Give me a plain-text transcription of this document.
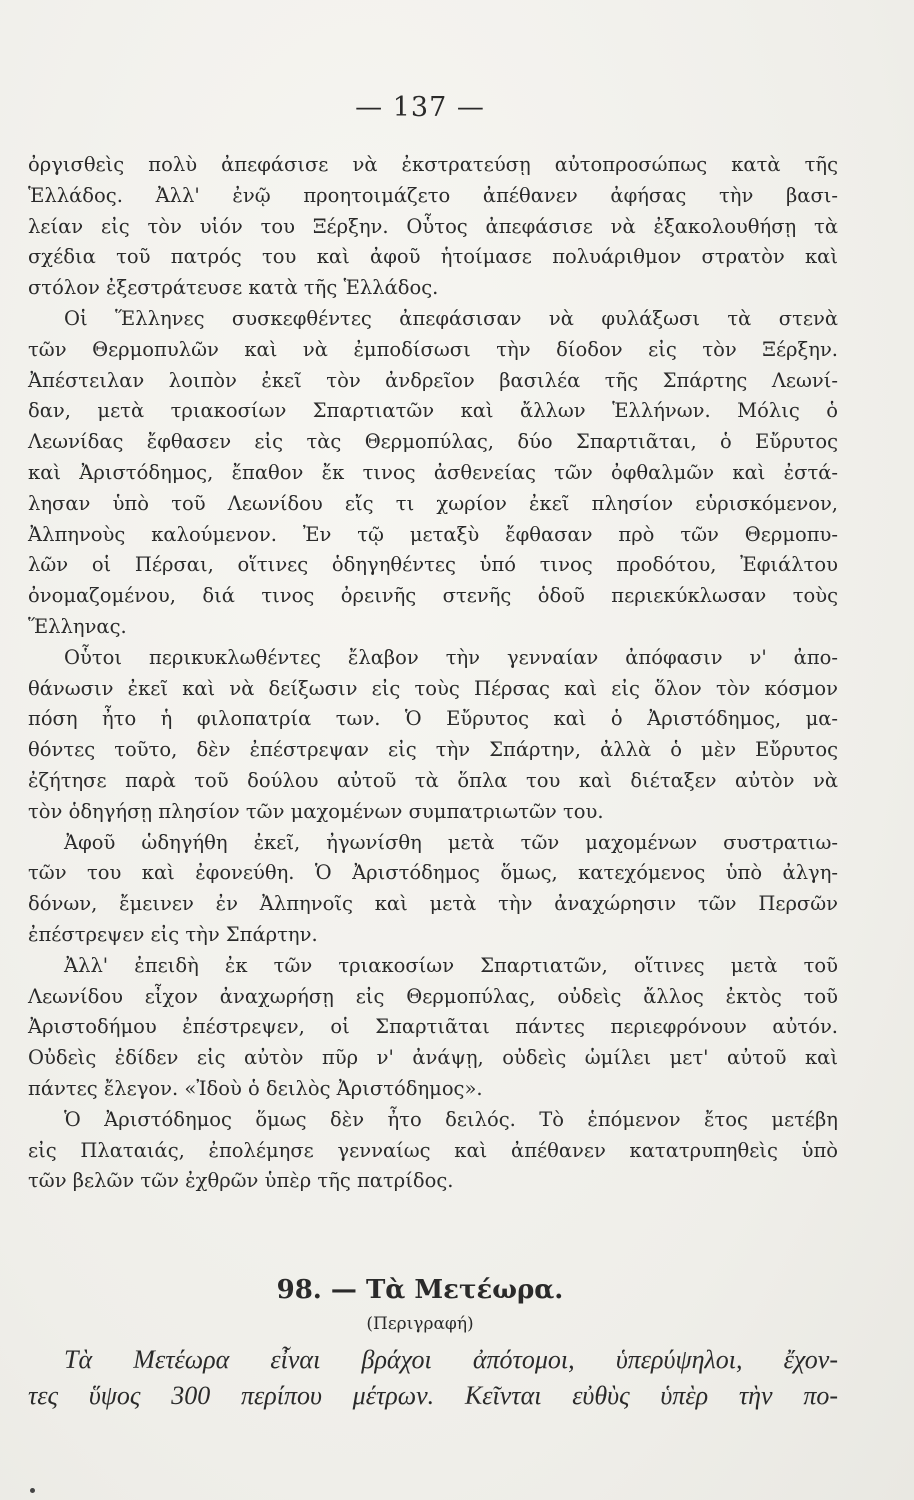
— 137 —
ὀργισθεὶς πολὺ ἀπεφάσισε νὰ ἐκστρατεύσῃ αὐτοπροσώπως κατὰ τῆς
Ἑλλάδος. Ἀλλ' ἐνῷ προητοιμάζετο ἀπέθανεν ἀφήσας τὴν βασι-
λείαν εἰς τὸν υἱόν του Ξέρξην. Οὗτος ἀπεφάσισε νὰ ἐξακολουθήσῃ τὰ
σχέδια τοῦ πατρός του καὶ ἀφοῦ ἡτοίμασε πολυάριθμον στρατὸν καὶ
στόλον ἐξεστράτευσε κατὰ τῆς Ἑλλάδος.
Οἱ Ἕλληνες συσκεφθέντες ἀπεφάσισαν νὰ φυλάξωσι τὰ στενὰ
τῶν Θερμοπυλῶν καὶ νὰ ἐμποδίσωσι τὴν δίοδον εἰς τὸν Ξέρξην.
Ἀπέστειλαν λοιπὸν ἐκεῖ τὸν ἀνδρεῖον βασιλέα τῆς Σπάρτης Λεωνί-
δαν, μετὰ τριακοσίων Σπαρτιατῶν καὶ ἄλλων Ἑλλήνων. Μόλις ὁ
Λεωνίδας ἔφθασεν εἰς τὰς Θερμοπύλας, δύο Σπαρτιᾶται, ὁ Εὔρυτος
καὶ Ἀριστόδημος, ἔπαθον ἔκ τινος ἀσθενείας τῶν ὀφθαλμῶν καὶ ἐστά-
λησαν ὑπὸ τοῦ Λεωνίδου εἴς τι χωρίον ἐκεῖ πλησίον εὑρισκόμενον,
Ἀλπηνοὺς καλούμενον. Ἐν τῷ μεταξὺ ἔφθασαν πρὸ τῶν Θερμοπυ-
λῶν οἱ Πέρσαι, οἵτινες ὁδηγηθέντες ὑπό τινος προδότου, Ἐφιάλτου
ὀνομαζομένου, διά τινος ὀρεινῆς στενῆς ὁδοῦ περιεκύκλωσαν τοὺς
Ἕλληνας.
Οὗτοι περικυκλωθέντες ἔλαβον τὴν γενναίαν ἀπόφασιν ν' ἀπο-
θάνωσιν ἐκεῖ καὶ νὰ δείξωσιν εἰς τοὺς Πέρσας καὶ εἰς ὅλον τὸν κόσμον
πόση ἦτο ἡ φιλοπατρία των. Ὁ Εὔρυτος καὶ ὁ Ἀριστόδημος, μα-
θόντες τοῦτο, δὲν ἐπέστρεψαν εἰς τὴν Σπάρτην, ἀλλὰ ὁ μὲν Εὔρυτος
ἐζήτησε παρὰ τοῦ δούλου αὐτοῦ τὰ ὅπλα του καὶ διέταξεν αὐτὸν νὰ
τὸν ὁδηγήσῃ πλησίον τῶν μαχομένων συμπατριωτῶν του.
Ἀφοῦ ὡδηγήθη ἐκεῖ, ἠγωνίσθη μετὰ τῶν μαχομένων συστρατιω-
τῶν του καὶ ἐφονεύθη. Ὁ Ἀριστόδημος ὅμως, κατεχόμενος ὑπὸ ἀλγη-
δόνων, ἔμεινεν ἐν Ἀλπηνοῖς καὶ μετὰ τὴν ἀναχώρησιν τῶν Περσῶν
ἐπέστρεψεν εἰς τὴν Σπάρτην.
Ἀλλ' ἐπειδὴ ἐκ τῶν τριακοσίων Σπαρτιατῶν, οἵτινες μετὰ τοῦ
Λεωνίδου εἶχον ἀναχωρήσῃ εἰς Θερμοπύλας, οὐδεὶς ἄλλος ἐκτὸς τοῦ
Ἀριστοδήμου ἐπέστρεψεν, οἱ Σπαρτιᾶται πάντες περιεφρόνουν αὐτόν.
Οὐδεὶς ἐδίδεν εἰς αὐτὸν πῦρ ν' ἀνάψῃ, οὐδεὶς ὡμίλει μετ' αὐτοῦ καὶ
πάντες ἔλεγον. «Ἰδοὺ ὁ δειλὸς Ἀριστόδημος».
Ὁ Ἀριστόδημος ὅμως δὲν ἦτο δειλός. Τὸ ἑπόμενον ἔτος μετέβη
εἰς Πλαταιάς, ἐπολέμησε γενναίως καὶ ἀπέθανεν κατατρυπηθεὶς ὑπὸ
τῶν βελῶν τῶν ἐχθρῶν ὑπὲρ τῆς πατρίδος.
98. — Τὰ Μετέωρα.
(Περιγραφή)
Τὰ Μετέωρα εἶναι βράχοι ἀπότομοι, ὑπερύψηλοι, ἔχον-
τες ὕψος 300 περίπου μέτρων. Κεῖνται εὐθὺς ὑπὲρ τὴν πο-
